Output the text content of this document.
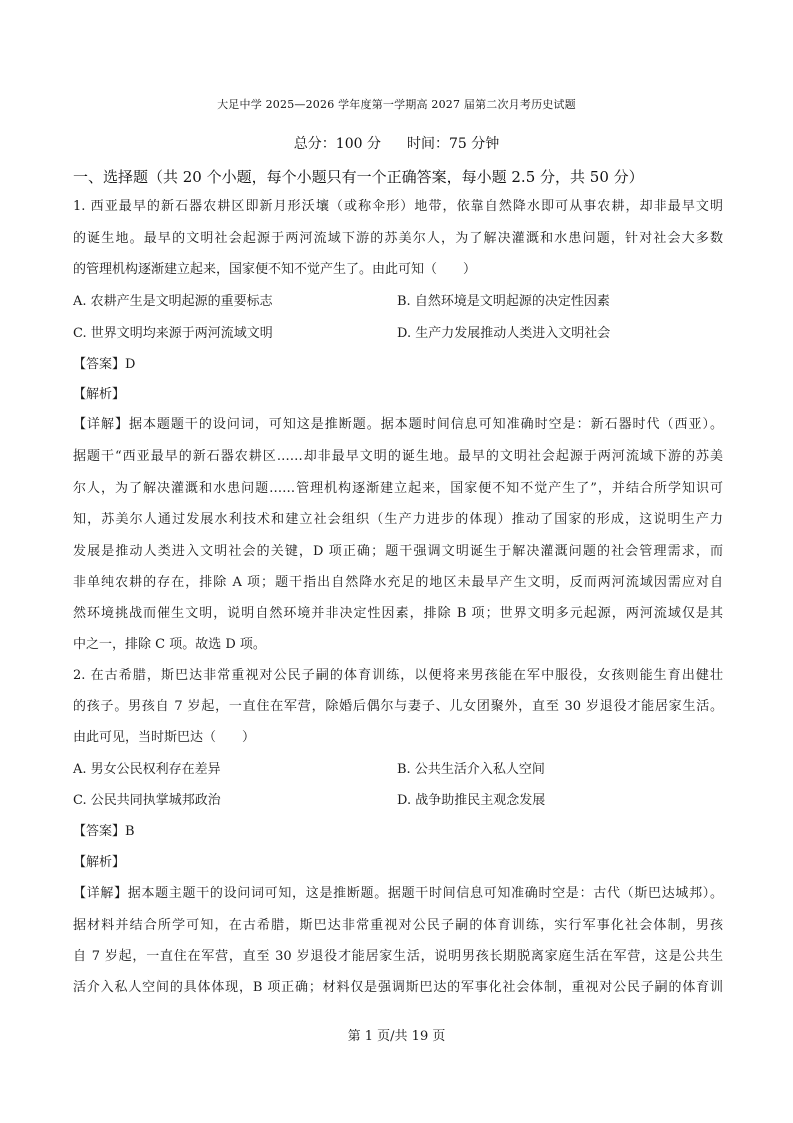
大足中学 2025—2026 学年度第一学期高 2027 届第二次月考历史试题
总分：100 分 时间：75 分钟
一、选择题（共 20 个小题，每个小题只有一个正确答案，每小题 2.5 分，共 50 分）
1. 西亚最早的新石器农耕区即新月形沃壤（或称伞形）地带，依靠自然降水即可从事农耕，却非最早文明
的诞生地。最早的文明社会起源于两河流域下游的苏美尔人，为了解决灌溉和水患问题，针对社会大多数
的管理机构逐渐建立起来，国家便不知不觉产生了。由此可知（　　）
A. 农耕产生是文明起源的重要标志	B. 自然环境是文明起源的决定性因素
C. 世界文明均来源于两河流域文明	D. 生产力发展推动人类进入文明社会
【答案】D
【解析】
【详解】据本题题干的设问词，可知这是推断题。据本题时间信息可知准确时空是：新石器时代（西亚）。
据题干“西亚最早的新石器农耕区……却非最早文明的诞生地。最早的文明社会起源于两河流域下游的苏美
尔人，为了解决灌溉和水患问题……管理机构逐渐建立起来，国家便不知不觉产生了”，并结合所学知识可
知，苏美尔人通过发展水利技术和建立社会组织（生产力进步的体现）推动了国家的形成，这说明生产力
发展是推动人类进入文明社会的关键，D 项正确；题干强调文明诞生于解决灌溉问题的社会管理需求，而
非单纯农耕的存在，排除 A 项；题干指出自然降水充足的地区未最早产生文明，反而两河流域因需应对自
然环境挑战而催生文明，说明自然环境并非决定性因素，排除 B 项；世界文明多元起源，两河流域仅是其
中之一，排除 C 项。故选 D 项。
2. 在古希腊，斯巴达非常重视对公民子嗣的体育训练，以便将来男孩能在军中服役，女孩则能生育出健壮
的孩子。男孩自 7 岁起，一直住在军营，除婚后偶尔与妻子、儿女团聚外，直至 30 岁退役才能居家生活。
由此可见，当时斯巴达（　　）
A. 男女公民权利存在差异	B. 公共生活介入私人空间
C. 公民共同执掌城邦政治	D. 战争助推民主观念发展
【答案】B
【解析】
【详解】据本题主题干的设问词可知，这是推断题。据题干时间信息可知准确时空是：古代（斯巴达城邦）。
据材料并结合所学可知，在古希腊，斯巴达非常重视对公民子嗣的体育训练，实行军事化社会体制，男孩
自 7 岁起，一直住在军营，直至 30 岁退役才能居家生活，说明男孩长期脱离家庭生活在军营，这是公共生
活介入私人空间的具体体现，B 项正确；材料仅是强调斯巴达的军事化社会体制，重视对公民子嗣的体育训
第 1 页/共 19 页
